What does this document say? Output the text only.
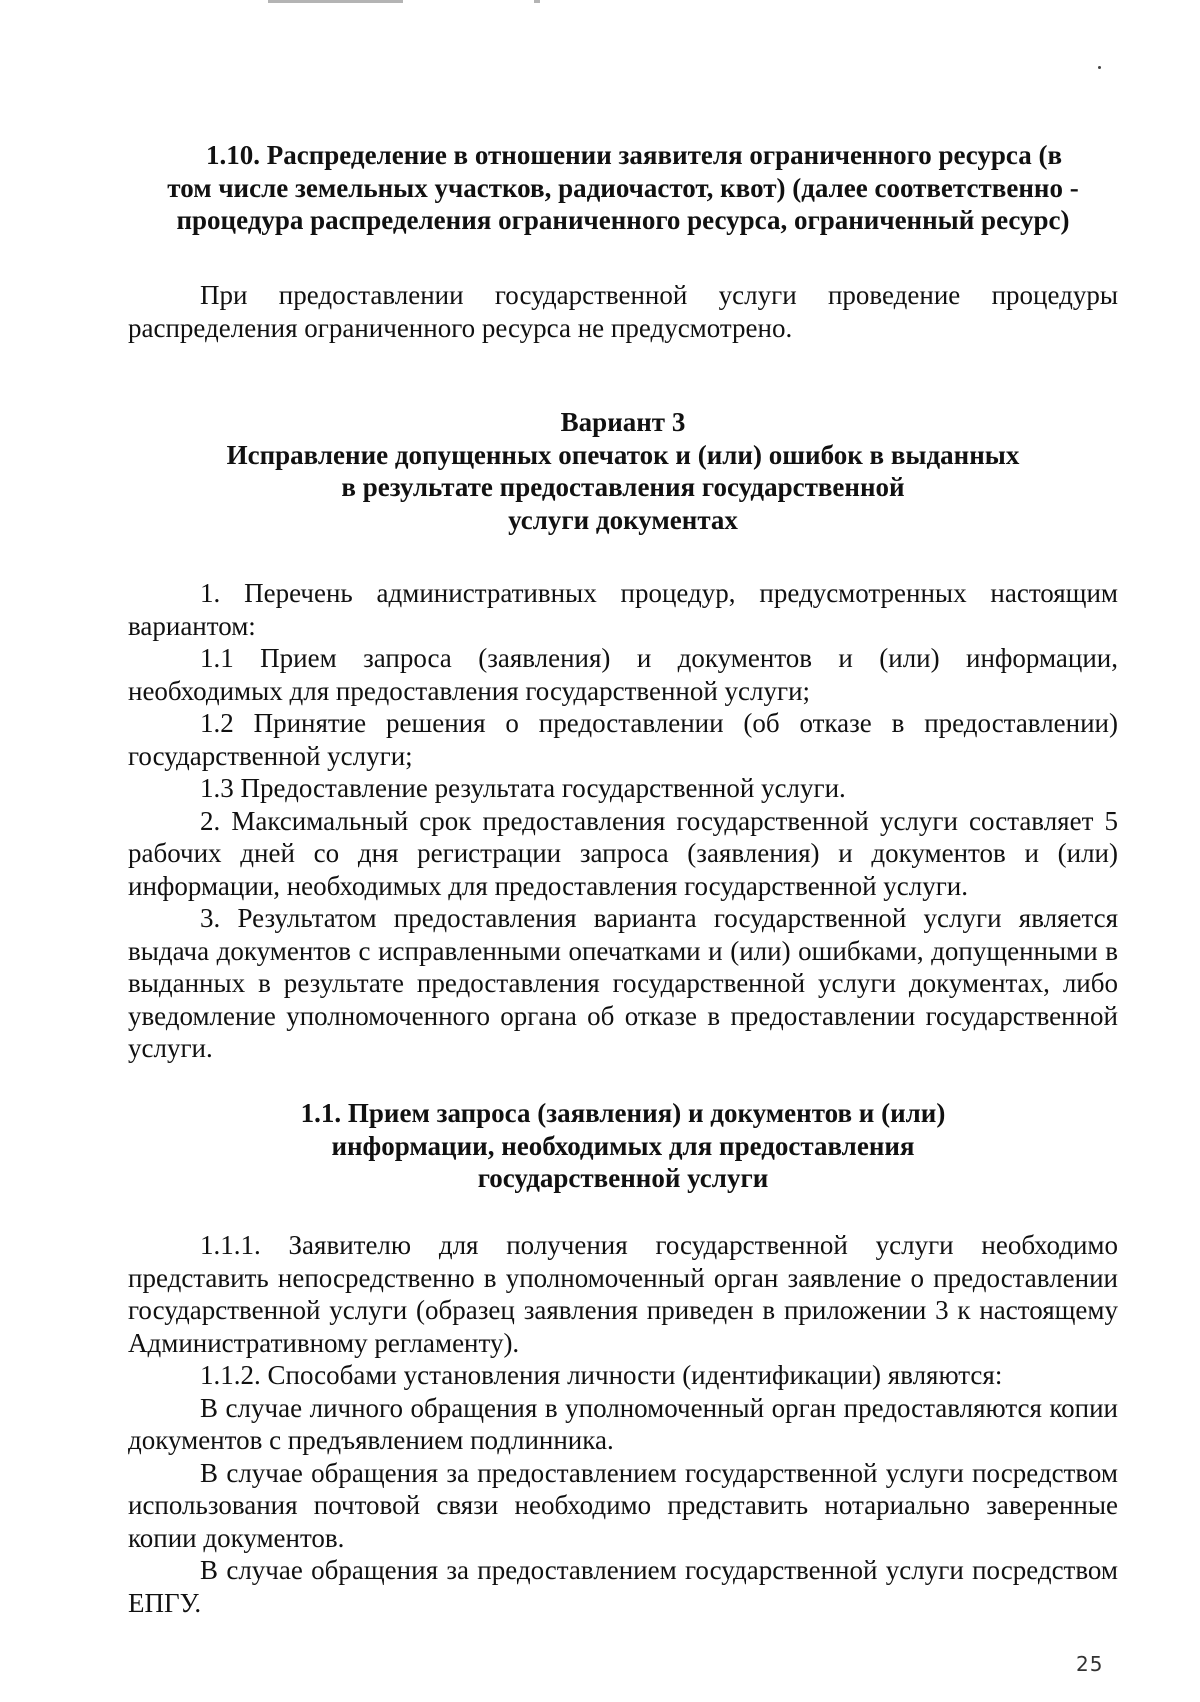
1.10. Распределение в отношении заявителя ограниченного ресурса (в
том числе земельных участков, радиочастот, квот) (далее соответственно -
процедура распределения ограниченного ресурса, ограниченный ресурс)

При предоставлении государственной услуги проведение процедуры распределения ограниченного ресурса не предусмотрено.

Вариант 3
Исправление допущенных опечаток и (или) ошибок в выданных
в результате предоставления государственной
услуги документах

1. Перечень административных процедур, предусмотренных настоящим вариантом:

1.1 Прием запроса (заявления) и документов и (или) информации, необходимых для предоставления государственной услуги;

1.2 Принятие решения о предоставлении (об отказе в предоставлении) государственной услуги;

1.3 Предоставление результата государственной услуги.

2. Максимальный срок предоставления государственной услуги составляет 5 рабочих дней со дня регистрации запроса (заявления) и документов и (или) информации, необходимых для предоставления государственной услуги.

3. Результатом предоставления варианта государственной услуги является выдача документов с исправленными опечатками и (или) ошибками, допущенными в выданных в результате предоставления государственной услуги документах, либо уведомление уполномоченного органа об отказе в предоставлении государственной услуги.

1.1. Прием запроса (заявления) и документов и (или)
информации, необходимых для предоставления
государственной услуги

1.1.1. Заявителю для получения государственной услуги необходимо представить непосредственно в уполномоченный орган заявление о предоставлении государственной услуги (образец заявления приведен в приложении 3 к настоящему Административному регламенту).

1.1.2. Способами установления личности (идентификации) являются:

В случае личного обращения в уполномоченный орган предоставляются копии документов с предъявлением подлинника.

В случае обращения за предоставлением государственной услуги посредством использования почтовой связи необходимо представить нотариально заверенные копии документов.

В случае обращения за предоставлением государственной услуги посредством ЕПГУ.

25
